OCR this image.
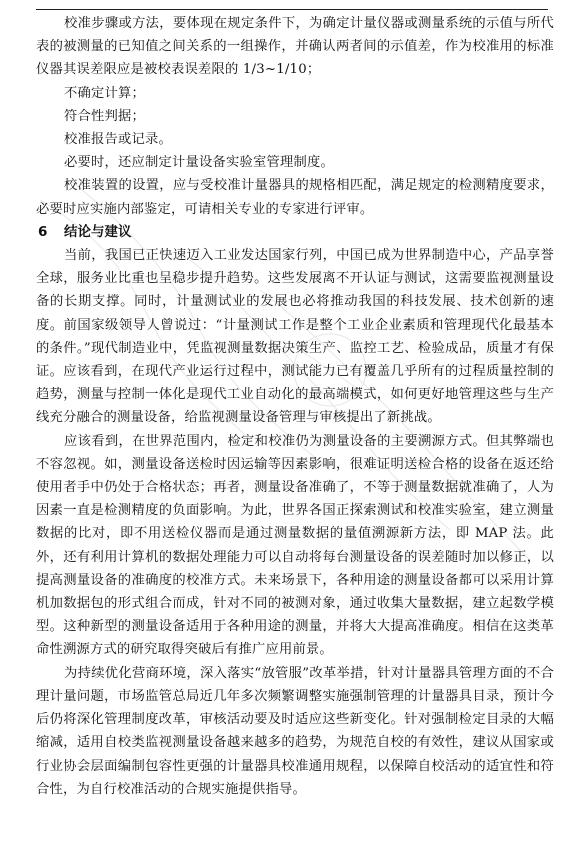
校准步骤或方法，要体现在规定条件下，为确定计量仪器或测量系统的示值与所代表的被测量的已知值之间关系的一组操作，并确认两者间的示值差，作为校准用的标准仪器其误差限应是被校表误差限的 1/3~1/10；

不确定计算；

符合性判据；

校准报告或记录。

必要时，还应制定计量设备实验室管理制度。

校准装置的设置，应与受校准计量器具的规格相匹配，满足规定的检测精度要求，必要时应实施内部鉴定，可请相关专业的专家进行评审。

6 结论与建议

当前，我国已正快速迈入工业发达国家行列，中国已成为世界制造中心，产品享誉全球，服务业比重也呈稳步提升趋势。这些发展离不开认证与测试，这需要监视测量设备的长期支撑。同时，计量测试业的发展也必将推动我国的科技发展、技术创新的速度。前国家级领导人曾说过：“计量测试工作是整个工业企业素质和管理现代化最基本的条件。”现代制造业中，凭监视测量数据决策生产、监控工艺、检验成品，质量才有保证。应该看到，在现代产业运行过程中，测试能力已有覆盖几乎所有的过程质量控制的趋势，测量与控制一体化是现代工业自动化的最高端模式，如何更好地管理这些与生产线充分融合的测量设备，给监视测量设备管理与审核提出了新挑战。

应该看到，在世界范围内，检定和校准仍为测量设备的主要溯源方式。但其弊端也不容忽视。如，测量设备送检时因运输等因素影响，很难证明送检合格的设备在返还给使用者手中仍处于合格状态；再者，测量设备准确了，不等于测量数据就准确了，人为因素一直是检测精度的负面影响。为此，世界各国正探索测试和校准实验室，建立测量数据的比对，即不用送检仪器而是通过测量数据的量值溯源新方法，即 MAP 法。此外，还有利用计算机的数据处理能力可以自动将每台测量设备的误差随时加以修正，以提高测量设备的准确度的校准方式。未来场景下，各种用途的测量设备都可以采用计算机加数据包的形式组合而成，针对不同的被测对象，通过收集大量数据，建立起数学模型。这种新型的测量设备适用于各种用途的测量，并将大大提高准确度。相信在这类革命性溯源方式的研究取得突破后有推广应用前景。

为持续优化营商环境，深入落实“放管服”改革举措，针对计量器具管理方面的不合理计量问题，市场监管总局近几年多次频繁调整实施强制管理的计量器具目录，预计今后仍将深化管理制度改革，审核活动要及时适应这些新变化。针对强制检定目录的大幅缩减，适用自校类监视测量设备越来越多的趋势，为规范自校的有效性，建议从国家或行业协会层面编制包容性更强的计量器具校准通用规程，以保障自校活动的适宜性和符合性，为自行校准活动的合规实施提供指导。
